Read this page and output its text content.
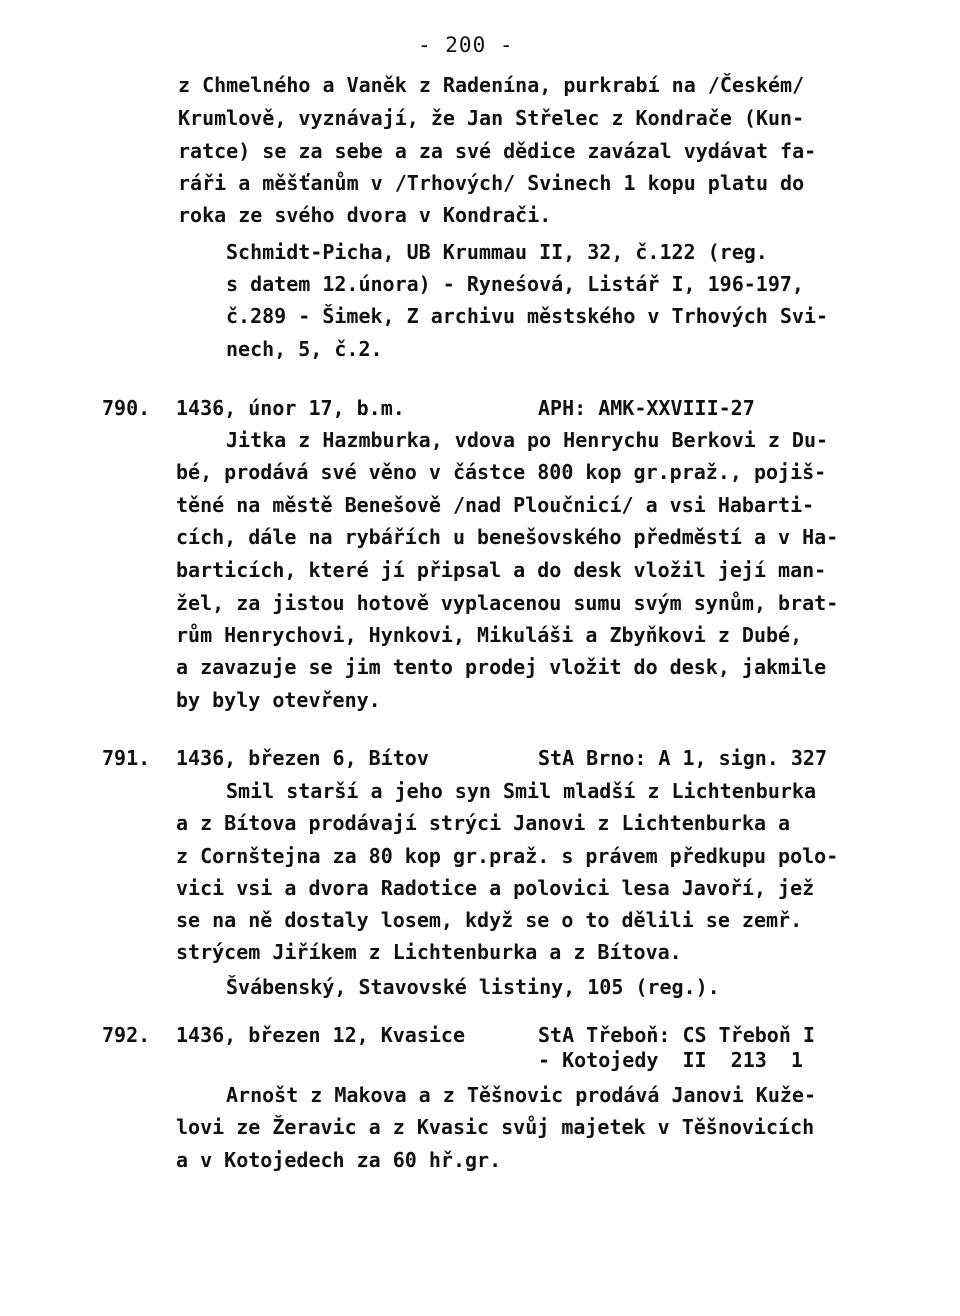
- 200 -
z Chmelného a Vaněk z Radenína, purkrabí na /Českém/
Krumlově, vyznávají, že Jan Střelec z Kondrače (Kun-
ratce) se za sebe a za své dědice zavázal vydávat fa-
ráři a měšťanům v /Trhových/ Svinech 1 kopu platu do
roka ze svého dvora v Kondrači.
Schmidt-Picha, UB Krummau II, 32, č.122 (reg.
s datem 12.února) - Ryneśová, Listář I, 196-197,
č.289 - Šimek, Z archivu městského v Trhových Svi-
nech, 5, č.2.
790. 1436, únor 17, b.m.	APH: AMK-XXVIII-27
Jitka z Hazmburka, vdova po Henrychu Berkovi z Du-
bé, prodává své věno v částce 800 kop gr.praž., pojiš-
těné na městě Benešově /nad Ploučnicí/ a vsi Habarti-
cích, dále na rybářích u benešovského předměstí a v Ha-
barticích, které jí připsal a do desk vložil její man-
žel, za jistou hotově vyplacenou sumu svým synům, brat-
rům Henrychovi, Hynkovi, Mikuláši a Zbyňkovi z Dubé,
a zavazuje se jim tento prodej vložit do desk, jakmile
by byly otevřeny.
791. 1436, březen 6, Bítov	StA Brno: A 1, sign. 327
Smil starší a jeho syn Smil mladší z Lichtenburka
a z Bítova prodávají strýci Janovi z Lichtenburka a
z Cornštejna za 80 kop gr.praž. s právem předkupu polo-
vici vsi a dvora Radotice a polovici lesa Javoří, jež
se na ně dostaly losem, když se o to dělili se zemř.
strýcem Jiříkem z Lichtenburka a z Bítova.
Švábenský, Stavovské listiny, 105 (reg.).
792. 1436, březen 12, Kvasice	StA Třeboň: CS Třeboň I
- Kotojedy  II  213  1
Arnošt z Makova a z Těšnovic prodává Janovi Kuže-
lovi ze Žeravic a z Kvasic svůj majetek v Těšnovicích
a v Kotojedech za 60 hř.gr.
